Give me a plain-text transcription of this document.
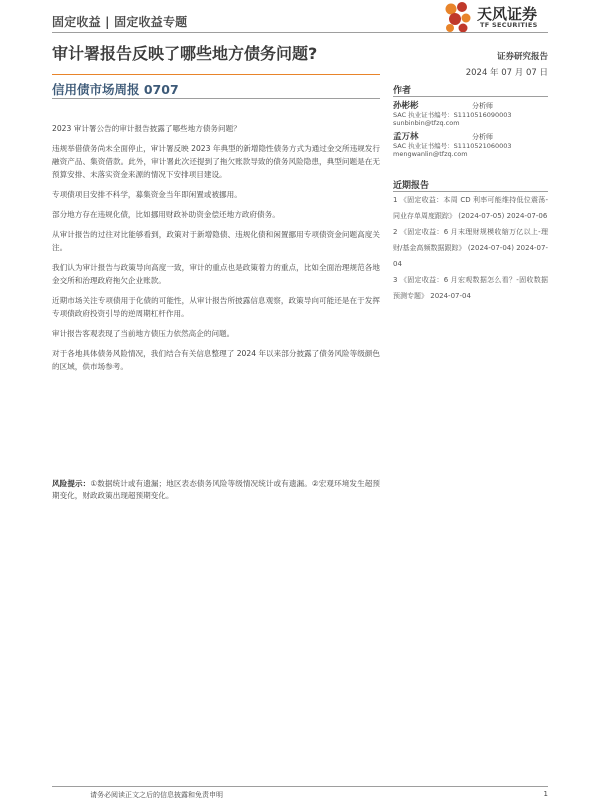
固定收益 | 固定收益专题	天风证券
TF SECURITIES
审计署报告反映了哪些地方债务问题?	证券研究报告
2024 年 07 月 07 日
信用债市场周报 0707	作者
孙彬彬	分析师
SAC 执业证书编号：S1110516090003
sunbinbin@tfzq.com
孟万林	分析师
SAC 执业证书编号：S1110521060003
mengwanlin@tfzq.com
近期报告
1 《固定收益：本周 CD 利率可能维持低位震荡-同业存单周度跟踪》 (2024-07-05) 2024-07-06
2 《固定收益：6 月末理财规模收缩万亿以上-理财/基金高频数据跟踪》 (2024-07-04) 2024-07-04
3 《固定收益：6 月宏观数据怎么看？-固收数据预测专题》 2024-07-04

2023 审计署公告的审计报告披露了哪些地方债务问题？

违规举借债务尚未全面停止，审计署反映 2023 年典型的新增隐性债务方式为通过金交所违规发行融资产品、集资借款。此外，审计署此次还提到了拖欠账款导致的债务风险隐患，典型问题是在无预算安排、未落实资金来源的情况下安排项目建设。

专项债项目安排不科学，募集资金当年即闲置或被挪用。

部分地方存在违规化债，比如挪用财政补助资金偿还地方政府债务。

从审计报告的过往对比能够看到，政策对于新增隐债、违规化债和闲置挪用专项债资金问题高度关注。

我们认为审计报告与政策导向高度一致，审计的重点也是政策着力的重点，比如全面治理规范各地金交所和治理政府拖欠企业账款。

近期市场关注专项债用于化债的可能性，从审计报告所披露信息观察，政策导向可能还是在于发挥专项债政府投资引导的逆周期杠杆作用。

审计报告客观表现了当前地方债压力依然高企的问题。

对于各地具体债务风险情况，我们结合有关信息整理了 2024 年以来部分披露了债务风险等级颜色的区域，供市场参考。

风险提示：①数据统计或有遗漏；地区表态债务风险等级情况统计或有遗漏。②宏观环境发生超预期变化，财政政策出现超预期变化。
请务必阅读正文之后的信息披露和免责申明	1
